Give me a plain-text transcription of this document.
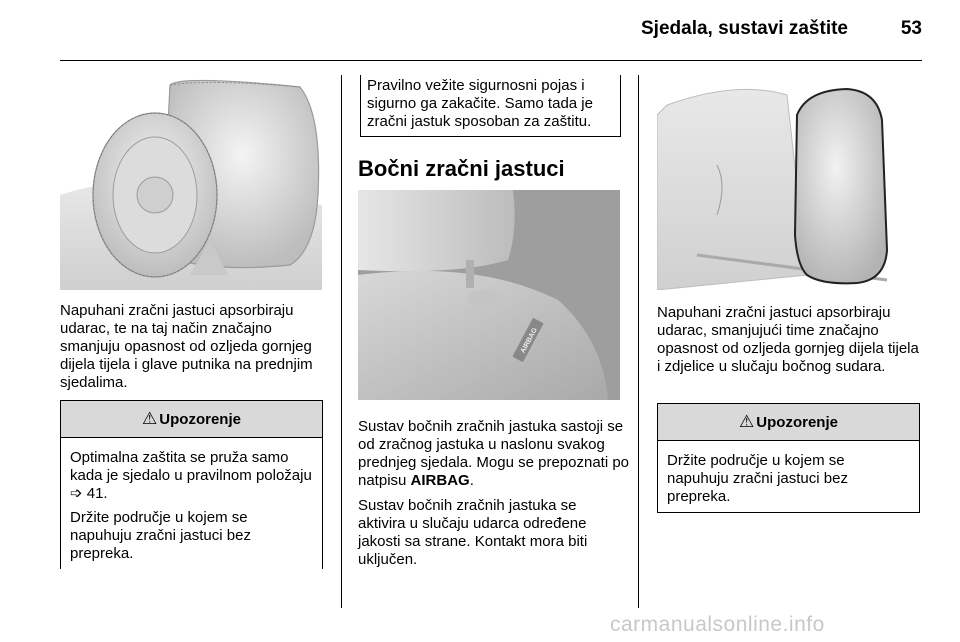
Sjedala, sustavi zaštite	53

Napuhani zračni jastuci apsorbiraju udarac, te na taj način značajno smanjuju opasnost od ozljeda gornjeg dijela tijela i glave putnika na prednjim sjedalima.

⚠ Upozorenje

Optimalna zaštita se pruža samo kada je sjedalo u pravilnom položaju ➩ 41.

Držite područje u kojem se napuhuju zračni jastuci bez prepreka.

Pravilno vežite sigurnosni pojas i sigurno ga zakačite. Samo tada je zračni jastuk sposoban za zaštitu.
Bočni zračni jastuci
AIRBAG

Sustav bočnih zračnih jastuka sastoji se od zračnog jastuka u naslonu svakog prednjeg sjedala. Mogu se prepoznati po natpisu AIRBAG.

Sustav bočnih zračnih jastuka se aktivira u slučaju udarca određene jakosti sa strane. Kontakt mora biti uključen.

Napuhani zračni jastuci apsorbiraju udarac, smanjujući time značajno opasnost od ozljeda gornjeg dijela tijela i zdjelice u slučaju bočnog sudara.

⚠ Upozorenje

Držite područje u kojem se napuhuju zračni jastuci bez prepreka.

carmanualsonline.info
